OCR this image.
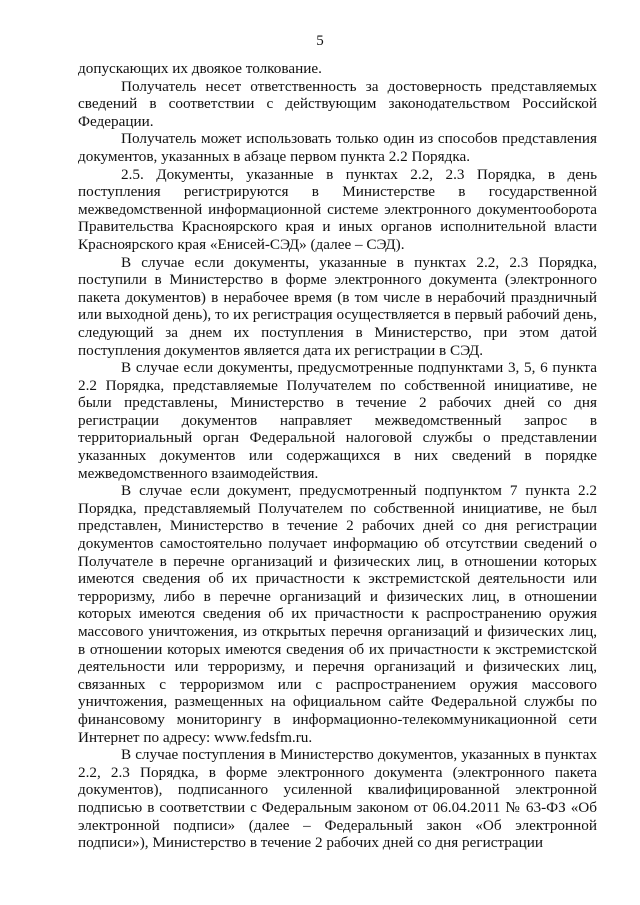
5

допускающих их двоякое толкование.

Получатель несет ответственность за достоверность представляемых сведений в соответствии с действующим законодательством Российской Федерации.

Получатель может использовать только один из способов представления документов, указанных в абзаце первом пункта 2.2 Порядка.

2.5. Документы, указанные в пунктах 2.2, 2.3 Порядка, в день поступления регистрируются в Министерстве в государственной межведомственной информационной системе электронного документооборота Правительства Красноярского края и иных органов исполнительной власти Красноярского края «Енисей-СЭД» (далее – СЭД).

В случае если документы, указанные в пунктах 2.2, 2.3 Порядка, поступили в Министерство в форме электронного документа (электронного пакета документов) в нерабочее время (в том числе в нерабочий праздничный или выходной день), то их регистрация осуществляется в первый рабочий день, следующий за днем их поступления в Министерство, при этом датой поступления документов является дата их регистрации в СЭД.

В случае если документы, предусмотренные подпунктами 3, 5, 6 пункта 2.2 Порядка, представляемые Получателем по собственной инициативе, не были представлены, Министерство в течение 2 рабочих дней со дня регистрации документов направляет межведомственный запрос в территориальный орган Федеральной налоговой службы о представлении указанных документов или содержащихся в них сведений в порядке межведомственного взаимодействия.

В случае если документ, предусмотренный подпунктом 7 пункта 2.2 Порядка, представляемый Получателем по собственной инициативе, не был представлен, Министерство в течение 2 рабочих дней со дня регистрации документов самостоятельно получает информацию об отсутствии сведений о Получателе в перечне организаций и физических лиц, в отношении которых имеются сведения об их причастности к экстремистской деятельности или терроризму, либо в перечне организаций и физических лиц, в отношении которых имеются сведения об их причастности к распространению оружия массового уничтожения, из открытых перечня организаций и физических лиц, в отношении которых имеются сведения об их причастности к экстремистской деятельности или терроризму, и перечня организаций и физических лиц, связанных с терроризмом или с распространением оружия массового уничтожения, размещенных на официальном сайте Федеральной службы по финансовому мониторингу в информационно-телекоммуникационной сети Интернет по адресу: www.fedsfm.ru.

В случае поступления в Министерство документов, указанных в пунктах 2.2, 2.3 Порядка, в форме электронного документа (электронного пакета документов), подписанного усиленной квалифицированной электронной подписью в соответствии с Федеральным законом от 06.04.2011 № 63-ФЗ «Об электронной подписи» (далее – Федеральный закон «Об электронной подписи»), Министерство в течение 2 рабочих дней со дня регистрации
